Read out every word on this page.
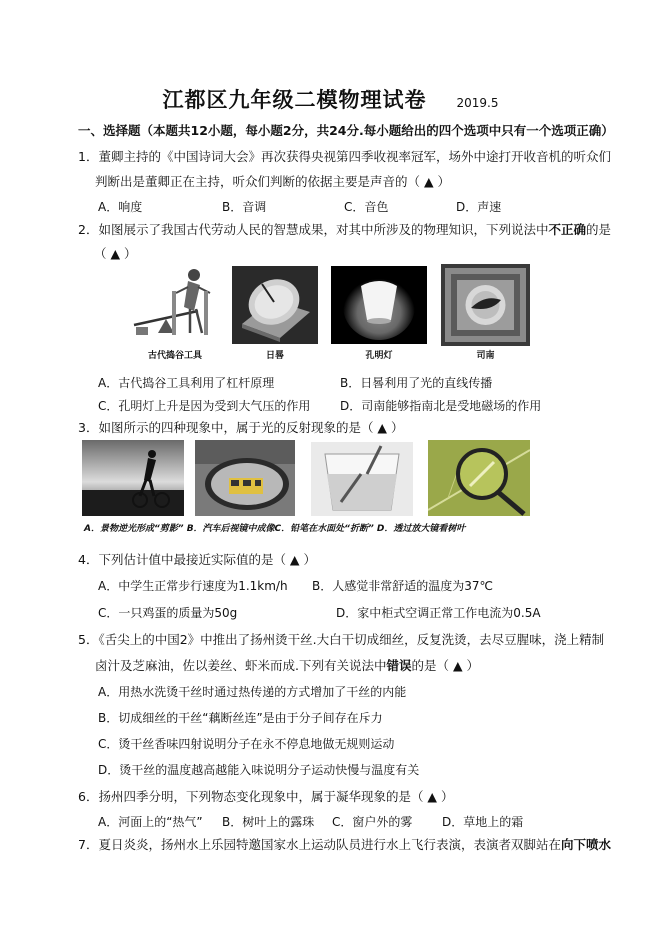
江都区九年级二模物理试卷 2019.5
一、选择题（本题共12小题，每小题2分，共24分.每小题给出的四个选项中只有一个选项正确）
1．董卿主持的《中国诗词大会》再次获得央视第四季收视率冠军，场外中途打开收音机的听众们
判断出是董卿正在主持，听众们判断的依据主要是声音的（ ▲ ）
A．响度	B．音调	C．音色	D．声速
2．如图展示了我国古代劳动人民的智慧成果，对其中所涉及的物理知识，下列说法中不正确的是
（ ▲ ）
古代捣谷工具	日晷	孔明灯	司南
A．古代捣谷工具利用了杠杆原理	B．日晷利用了光的直线传播
C．孔明灯上升是因为受到大气压的作用 D．司南能够指南北是受地磁场的作用
3．如图所示的四种现象中，属于光的反射现象的是（ ▲ ）
A．景物逆光形成“剪影” B．汽车后视镜中成像C．铅笔在水面处“折断” D．透过放大镜看树叶
4．下列估计值中最接近实际值的是（ ▲ ）
A．中学生正常步行速度为1.1km/h B．人感觉非常舒适的温度为37℃
C．一只鸡蛋的质量为50g	D．家中柜式空调正常工作电流为0.5A
5．《舌尖上的中国2》中推出了扬州烫干丝.大白干切成细丝，反复洗烫，去尽豆腥味，浇上精制
卤汁及芝麻油，佐以姜丝、虾米而成.下列有关说法中错误的是（ ▲ ）
A．用热水洗烫干丝时通过热传递的方式增加了干丝的内能
B．切成细丝的干丝“藕断丝连”是由于分子间存在斥力
C．烫干丝香味四射说明分子在永不停息地做无规则运动
D．烫干丝的温度越高越能入味说明分子运动快慢与温度有关
6．扬州四季分明，下列物态变化现象中，属于凝华现象的是（ ▲ ）
A．河面上的“热气” B．树叶上的露珠 C．窗户外的雾 D．草地上的霜
7．夏日炎炎，扬州水上乐园特邀国家水上运动队员进行水上飞行表演，表演者双脚站在向下喷水
